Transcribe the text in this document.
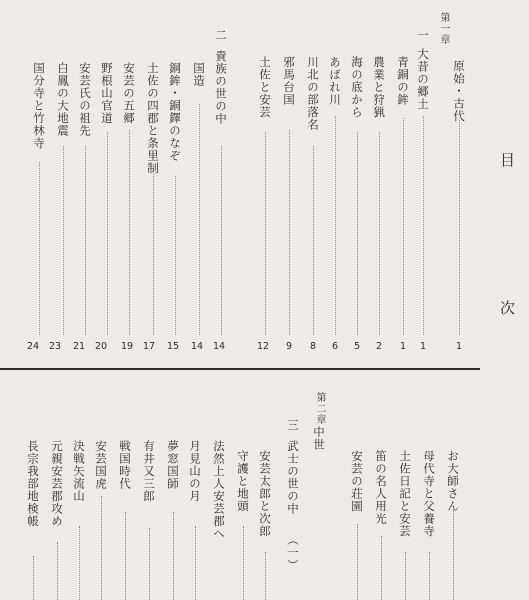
目
次
第一章
原始・古代
1
一
大昔の郷土
1
青銅の鉾
1
農業と狩猟
2
海の底から
5
あばれ川
6
川北の部落名
8
邪馬台国
9
土佐と安芸
12
二
貴族の世の中
14
国造
14
銅鉾・銅鐸のなぞ
15
土佐の四郡と条里制
17
安芸の五郷
19
野根山官道
20
安芸氏の祖先
21
白鳳の大地震
23
国分寺と竹林寺
24
第二章
中世
お大師さん
母代寺と父養寺
土佐日記と安芸
笛の名人用光
安芸の荘園
三
武士の世の中
（一）
安芸太郎と次郎
守護と地頭
法然上人安芸郡へ
月見山の月
夢窓国師
有井又三郎
戦国時代
安芸国虎
決戦矢流山
元親安芸郡攻め
長宗我部地検帳
